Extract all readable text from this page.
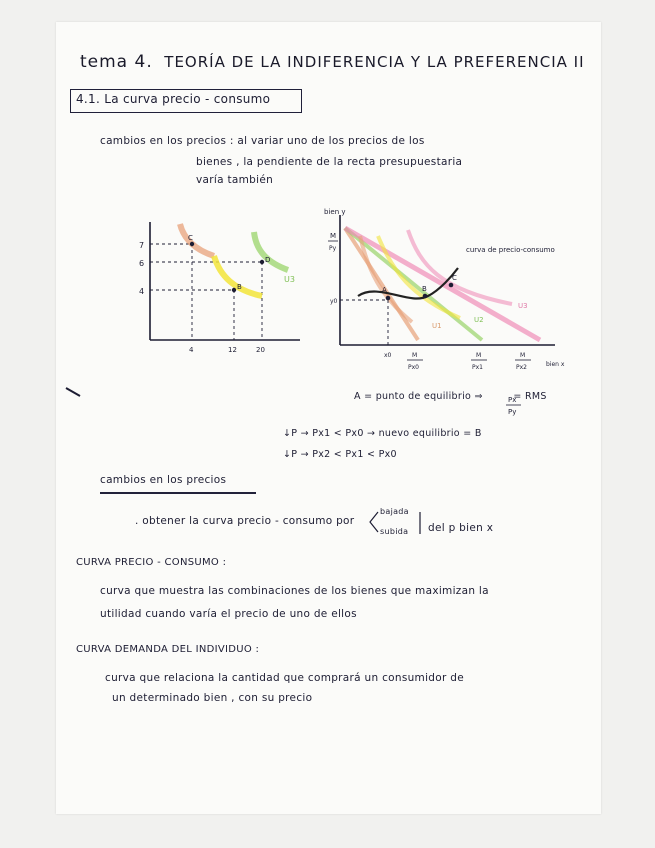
tema 4. TEORÍA DE LA INDIFERENCIA Y LA PREFERENCIA II
4.1. La curva precio - consumo
cambios en los precios : al variar uno de los precios de los
bienes , la pendiente de la recta presupuestaria
varía también
7
6
4
4	12	20
C
B
D
U3
bien y
M
Py
y0
A	B
C
curva de precio-consumo
U3
U2
U1
bien x
x0	M
Px0
M
Px1
M
Px2
Px
Py
A = punto de equilibrio ⇒	= RMS
↓P → Px1 < Px0 → nuevo equilibrio = B
↓P → Px2 < Px1 < Px0
cambios en los precios
. obtener la curva precio - consumo por
bajada
subida del p bien x
CURVA PRECIO - CONSUMO :
curva que muestra las combinaciones de los bienes que maximizan la
utilidad cuando varía el precio de uno de ellos
CURVA DEMANDA DEL INDIVIDUO :
curva que relaciona la cantidad que comprará un consumidor de
un determinado bien , con su precio
